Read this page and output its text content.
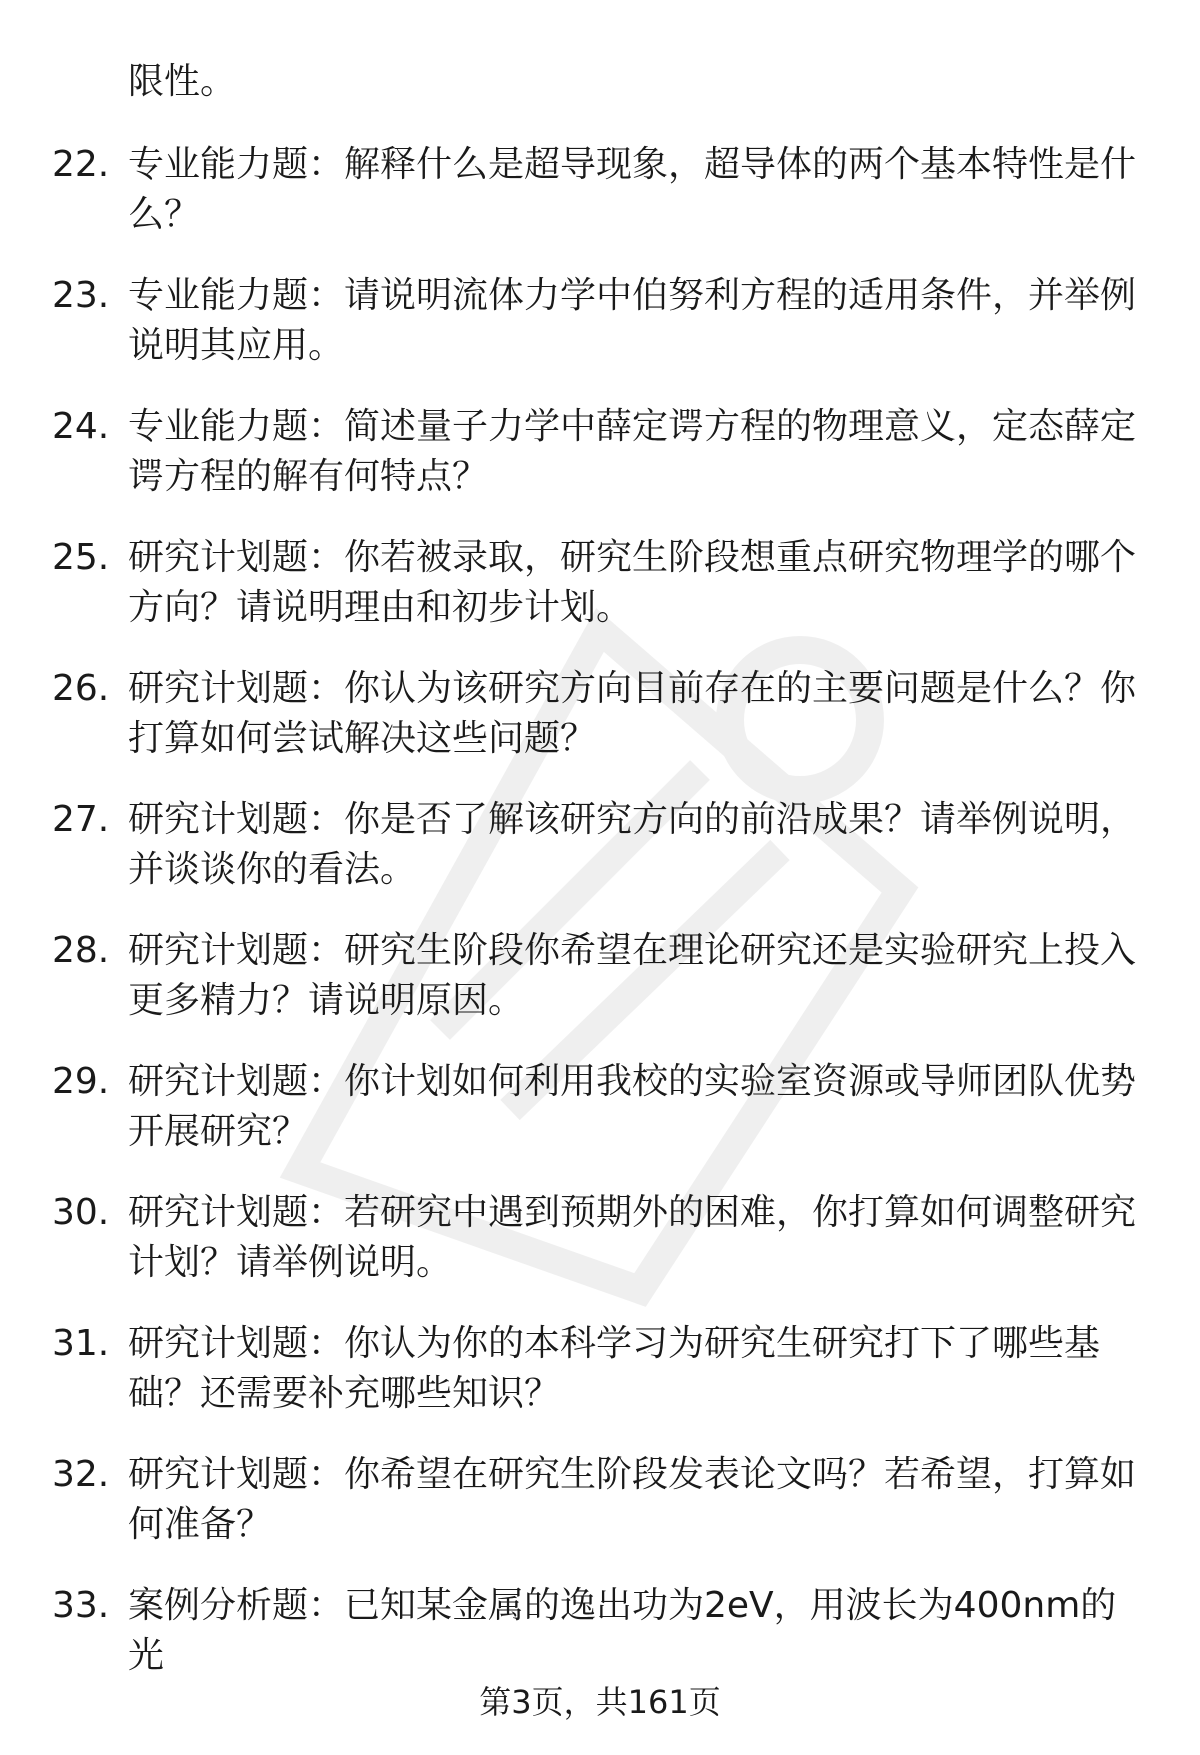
限性。

22. 专业能力题：解释什么是超导现象，超导体的两个基本特性是什么？
23. 专业能力题：请说明流体力学中伯努利方程的适用条件，并举例说明其应用。
24. 专业能力题：简述量子力学中薛定谔方程的物理意义，定态薛定谔方程的解有何特点？
25. 研究计划题：你若被录取，研究生阶段想重点研究物理学的哪个方向？请说明理由和初步计划。
26. 研究计划题：你认为该研究方向目前存在的主要问题是什么？你打算如何尝试解决这些问题？
27. 研究计划题：你是否了解该研究方向的前沿成果？请举例说明，并谈谈你的看法。
28. 研究计划题：研究生阶段你希望在理论研究还是实验研究上投入更多精力？请说明原因。
29. 研究计划题：你计划如何利用我校的实验室资源或导师团队优势开展研究？
30. 研究计划题：若研究中遇到预期外的困难，你打算如何调整研究计划？请举例说明。
31. 研究计划题：你认为你的本科学习为研究生研究打下了哪些基础？还需要补充哪些知识？
32. 研究计划题：你希望在研究生阶段发表论文吗？若希望，打算如何准备？
33. 案例分析题：已知某金属的逸出功为2eV，用波长为400nm的光
第3页，共161页
